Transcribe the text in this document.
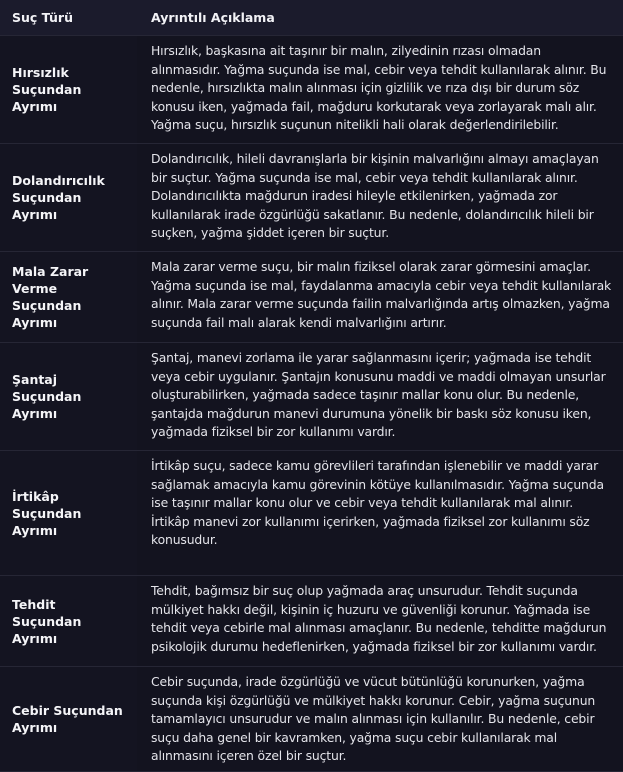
Suç Türü	Ayrıntılı Açıklama
Hırsızlık Suçundan Ayrımı
Hırsızlık, başkasına ait taşınır bir malın, zilyedinin rızası olmadan alınmasıdır. Yağma suçunda ise mal, cebir veya tehdit kullanılarak alınır. Bu nedenle, hırsızlıkta malın alınması için gizlilik ve rıza dışı bir durum söz konusu iken, yağmada fail, mağduru korkutarak veya zorlayarak malı alır. Yağma suçu, hırsızlık suçunun nitelikli hali olarak değerlendirilebilir.
Dolandırıcılık Suçundan Ayrımı
Dolandırıcılık, hileli davranışlarla bir kişinin malvarlığını almayı amaçlayan bir suçtur. Yağma suçunda ise mal, cebir veya tehdit kullanılarak alınır. Dolandırıcılıkta mağdurun iradesi hileyle etkilenirken, yağmada zor kullanılarak irade özgürlüğü sakatlanır. Bu nedenle, dolandırıcılık hileli bir suçken, yağma şiddet içeren bir suçtur.
Mala Zarar Verme Suçundan Ayrımı
Mala zarar verme suçu, bir malın fiziksel olarak zarar görmesini amaçlar. Yağma suçunda ise mal, faydalanma amacıyla cebir veya tehdit kullanılarak alınır. Mala zarar verme suçunda failin malvarlığında artış olmazken, yağma suçunda fail malı alarak kendi malvarlığını artırır.
Şantaj Suçundan Ayrımı
Şantaj, manevi zorlama ile yarar sağlanmasını içerir; yağmada ise tehdit veya cebir uygulanır. Şantajın konusunu maddi ve maddi olmayan unsurlar oluşturabilirken, yağmada sadece taşınır mallar konu olur. Bu nedenle, şantajda mağdurun manevi durumuna yönelik bir baskı söz konusu iken, yağmada fiziksel bir zor kullanımı vardır.
İrtikâp Suçundan Ayrımı
İrtikâp suçu, sadece kamu görevlileri tarafından işlenebilir ve maddi yarar sağlamak amacıyla kamu görevinin kötüye kullanılmasıdır. Yağma suçunda ise taşınır mallar konu olur ve cebir veya tehdit kullanılarak mal alınır. İrtikâp manevi zor kullanımı içerirken, yağmada fiziksel zor kullanımı söz konusudur.
Tehdit Suçundan Ayrımı
Tehdit, bağımsız bir suç olup yağmada araç unsurudur. Tehdit suçunda mülkiyet hakkı değil, kişinin iç huzuru ve güvenliği korunur. Yağmada ise tehdit veya cebirle mal alınması amaçlanır. Bu nedenle, tehditte mağdurun psikolojik durumu hedeflenirken, yağmada fiziksel bir zor kullanımı vardır.
Cebir Suçundan Ayrımı
Cebir suçunda, irade özgürlüğü ve vücut bütünlüğü korunurken, yağma suçunda kişi özgürlüğü ve mülkiyet hakkı korunur. Cebir, yağma suçunun tamamlayıcı unsurudur ve malın alınması için kullanılır. Bu nedenle, cebir suçu daha genel bir kavramken, yağma suçu cebir kullanılarak mal alınmasını içeren özel bir suçtur.
